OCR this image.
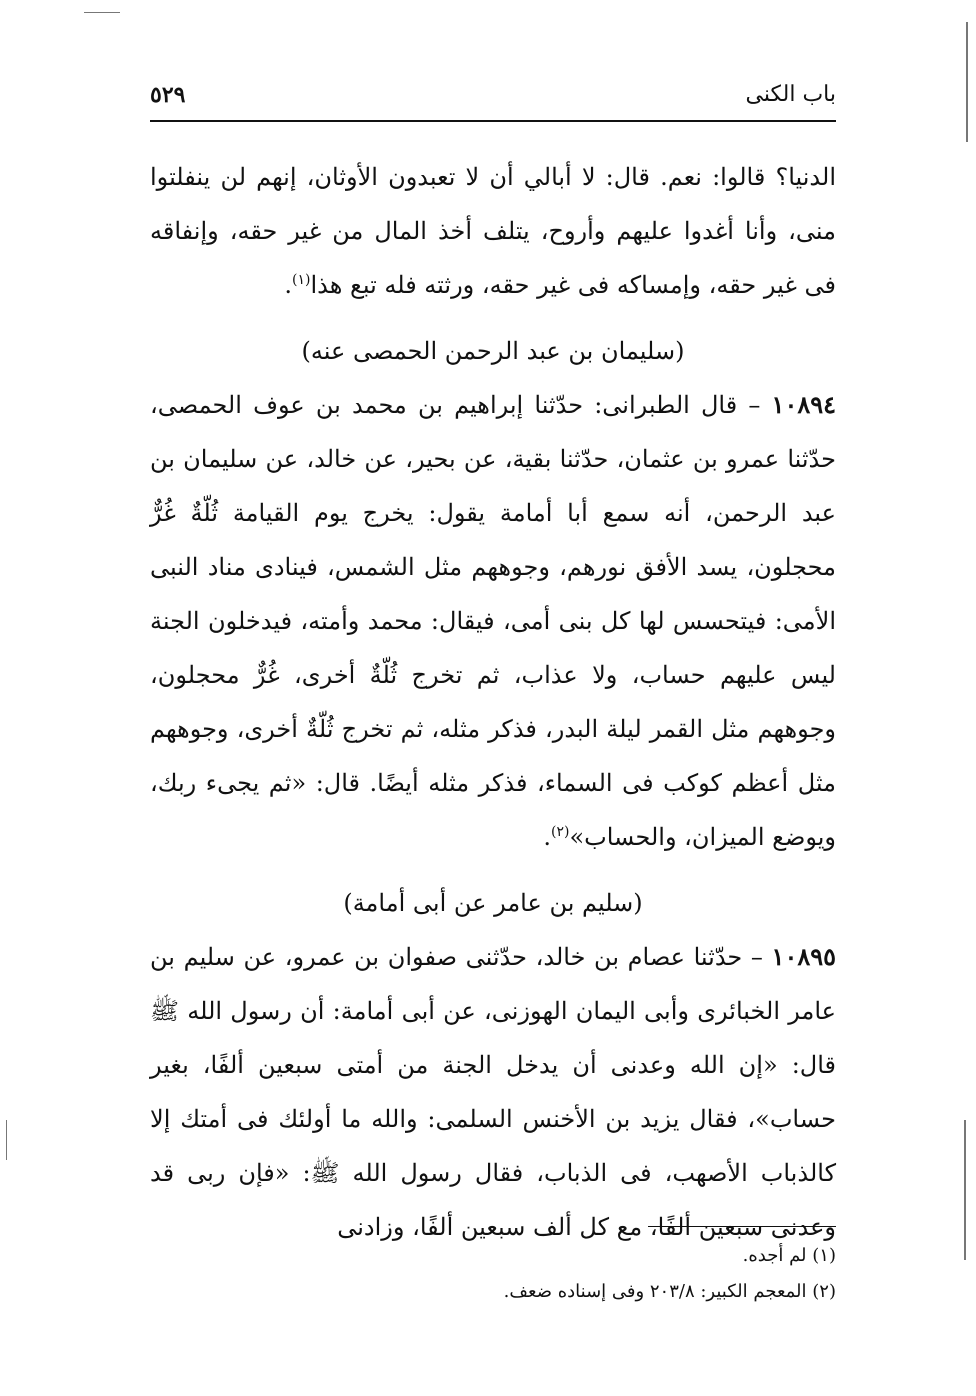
باب الكنى
٥٢٩

الدنيا؟ قالوا: نعم. قال: لا أبالي أن لا تعبدون الأوثان، إنهم لن ينفلتوا منى، وأنا أغدوا عليهم وأروح، يتلف أخذ المال من غير حقه، وإنفاقه فى غير حقه، وإمساكه فى غير حقه، ورثته فله تبع هذا$^{(١)}$.

(سليمان بن عبد الرحمن الحمصى عنه)

١٠٨٩٤ – قال الطبرانى: حدّثنا إبراهيم بن محمد بن عوف الحمصى، حدّثنا عمرو بن عثمان، حدّثنا بقية، عن بحير، عن خالد، عن سليمان بن عبد الرحمن، أنه سمع أبا أمامة يقول: يخرج يوم القيامة ثُلّةٌ غُرٌّ محجلون، يسد الأفق نورهم، وجوههم مثل الشمس، فينادى مناد النبى الأمى: فيتحسس لها كل بنى أمى، فيقال: محمد وأمته، فيدخلون الجنة ليس عليهم حساب، ولا عذاب، ثم تخرج ثُلّةٌ أخرى، غُرٌّ محجلون، وجوههم مثل القمر ليلة البدر، فذكر مثله، ثم تخرج ثُلّةٌ أخرى، وجوههم مثل أعظم كوكب فى السماء، فذكر مثله أيضًا. قال: «ثم يجىء ربك، ويوضع الميزان، والحساب»$^{(٢)}$.

(سليم بن عامر عن أبى أمامة)

١٠٨٩٥ – حدّثنا عصام بن خالد، حدّثنى صفوان بن عمرو، عن سليم بن عامر الخبائرى وأبى اليمان الهوزنى، عن أبى أمامة: أن رسول الله ﷺ قال: «إن الله وعدنى أن يدخل الجنة من أمتى سبعين ألفًا، بغير حساب»، فقال يزيد بن الأخنس السلمى: والله ما أولئك فى أمتك إلا كالذباب الأصهب، فى الذباب، فقال رسول الله ﷺ: «فإن ربى قد وعدنى سبعين ألفًا، مع كل ألف سبعين ألفًا، وزادنى

(١) لم أجده.

(٢) المعجم الكبير: ٢٠٣/٨ وفى إسناده ضعف.
